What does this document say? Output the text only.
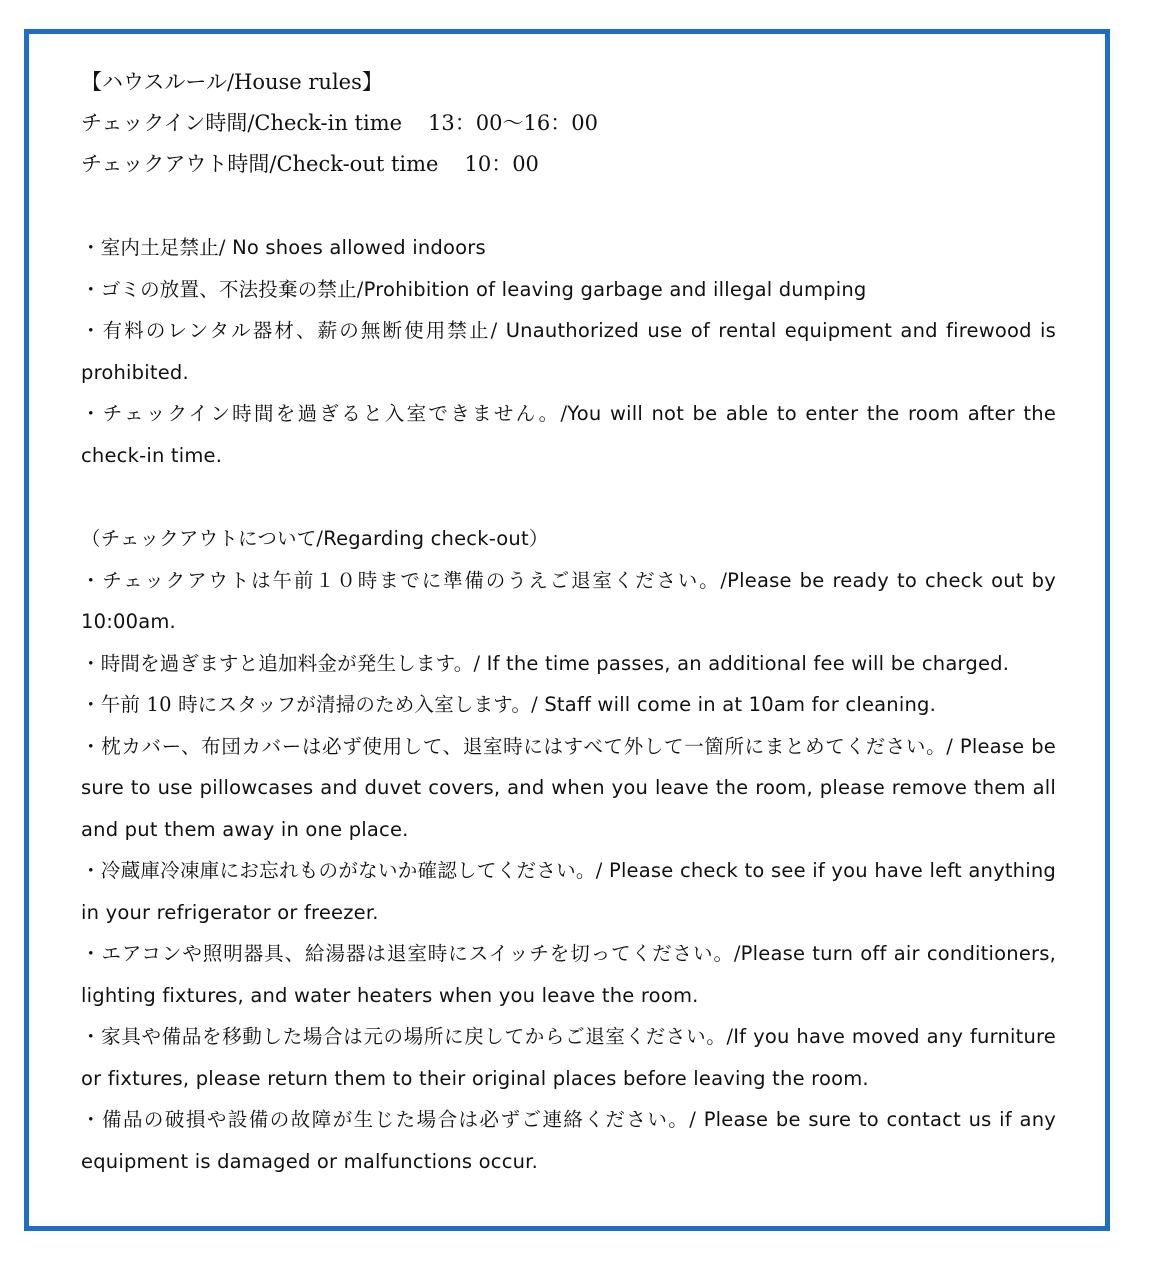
【ハウスルール/House rules】
チェックイン時間/Check-in time 13：00〜16：00
チェックアウト時間/Check-out time 10：00
・室内土足禁止/ No shoes allowed indoors
・ゴミの放置、不法投棄の禁止/Prohibition of leaving garbage and illegal dumping
・有料のレンタル器材、薪の無断使用禁止/ Unauthorized use of rental equipment and firewood is prohibited.
・チェックイン時間を過ぎると入室できません。/You will not be able to enter the room after the check-in time.
（チェックアウトについて/Regarding check-out）
・チェックアウトは午前１０時までに準備のうえご退室ください。/Please be ready to check out by 10:00am.
・時間を過ぎますと追加料金が発生します。/ If the time passes, an additional fee will be charged.
・午前 10 時にスタッフが清掃のため入室します。/ Staff will come in at 10am for cleaning.
・枕カバー、布団カバーは必ず使用して、退室時にはすべて外して一箇所にまとめてください。/ Please be sure to use pillowcases and duvet covers, and when you leave the room, please remove them all and put them away in one place.
・冷蔵庫冷凍庫にお忘れものがないか確認してください。/ Please check to see if you have left anything in your refrigerator or freezer.
・エアコンや照明器具、給湯器は退室時にスイッチを切ってください。/Please turn off air conditioners, lighting fixtures, and water heaters when you leave the room.
・家具や備品を移動した場合は元の場所に戻してからご退室ください。/If you have moved any furniture or fixtures, please return them to their original places before leaving the room.
・備品の破損や設備の故障が生じた場合は必ずご連絡ください。/ Please be sure to contact us if any equipment is damaged or malfunctions occur.
